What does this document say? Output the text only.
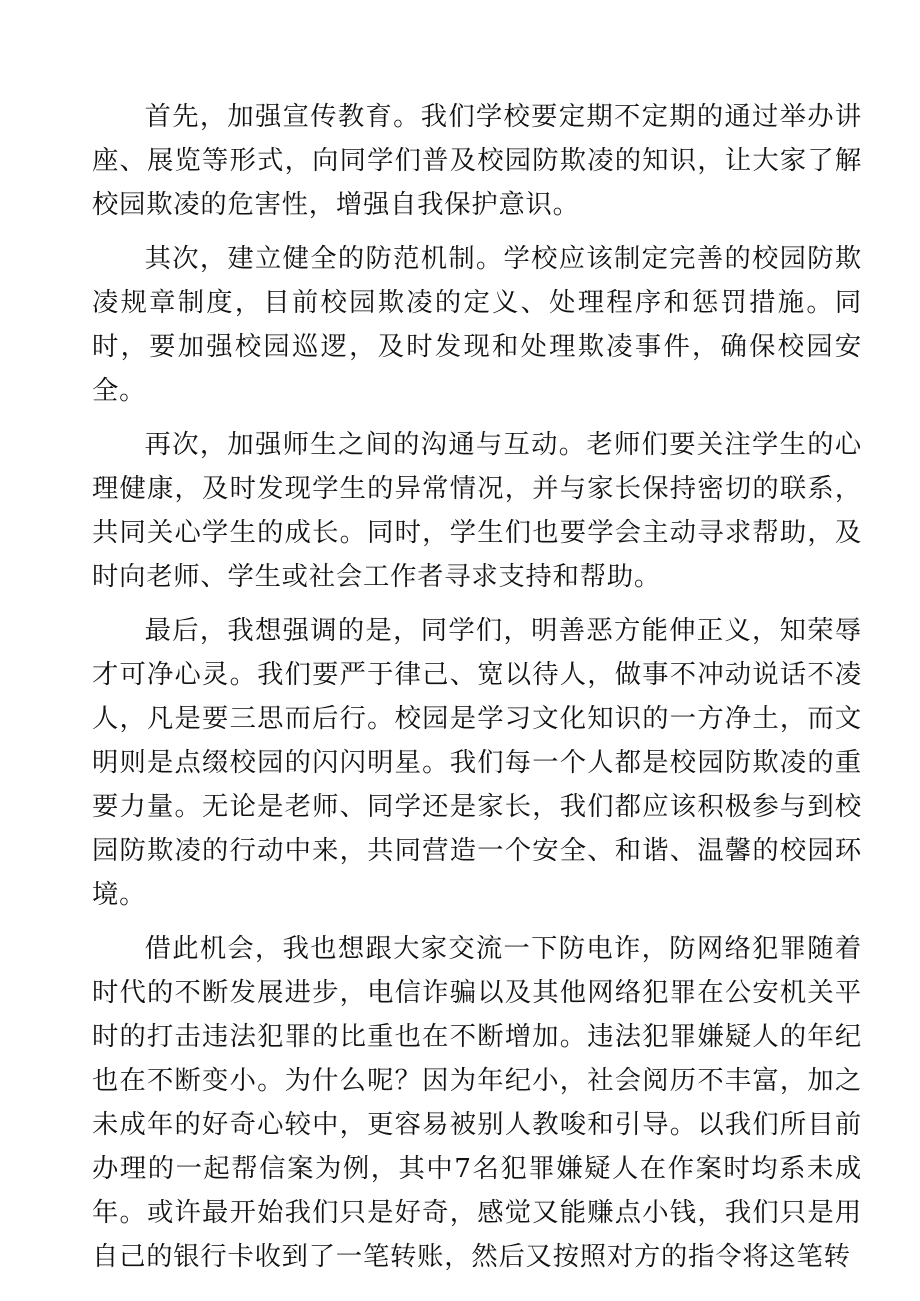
首先，加强宣传教育。我们学校要定期不定期的通过举办讲座、展览等形式，向同学们普及校园防欺凌的知识，让大家了解校园欺凌的危害性，增强自我保护意识。

其次，建立健全的防范机制。学校应该制定完善的校园防欺凌规章制度，目前校园欺凌的定义、处理程序和惩罚措施。同时，要加强校园巡逻，及时发现和处理欺凌事件，确保校园安全。

再次，加强师生之间的沟通与互动。老师们要关注学生的心理健康，及时发现学生的异常情况，并与家长保持密切的联系，共同关心学生的成长。同时，学生们也要学会主动寻求帮助，及时向老师、学生或社会工作者寻求支持和帮助。

最后，我想强调的是，同学们，明善恶方能伸正义，知荣辱才可净心灵。我们要严于律己、宽以待人，做事不冲动说话不凌人，凡是要三思而后行。校园是学习文化知识的一方净土，而文明则是点缀校园的闪闪明星。我们每一个人都是校园防欺凌的重要力量。无论是老师、同学还是家长，我们都应该积极参与到校园防欺凌的行动中来，共同营造一个安全、和谐、温馨的校园环境。

借此机会，我也想跟大家交流一下防电诈，防网络犯罪随着时代的不断发展进步，电信诈骗以及其他网络犯罪在公安机关平时的打击违法犯罪的比重也在不断增加。违法犯罪嫌疑人的年纪也在不断变小。为什么呢？因为年纪小，社会阅历不丰富，加之未成年的好奇心较中，更容易被别人教唆和引导。以我们所目前办理的一起帮信案为例，其中7名犯罪嫌疑人在作案时均系未成年。或许最开始我们只是好奇，感觉又能赚点小钱，我们只是用自己的银行卡收到了一笔转账，然后又按照对方的指令将这笔转
